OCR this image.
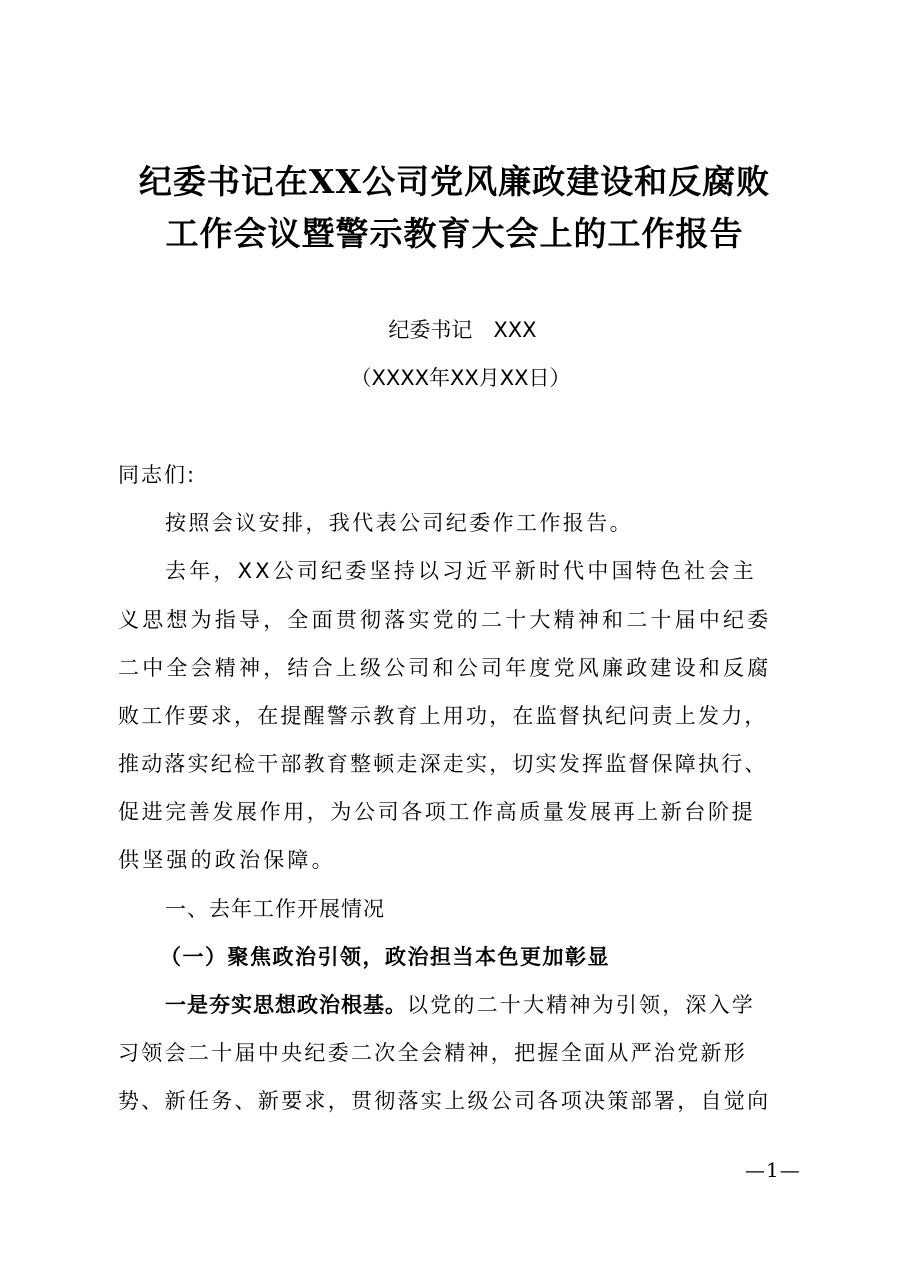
纪委书记在XX公司党风廉政建设和反腐败
工作会议暨警示教育大会上的工作报告
纪委书记　XXX
（XXXX年XX月XX日）
同志们:
按照会议安排，我代表公司纪委作工作报告。
去年，XX公司纪委坚持以习近平新时代中国特色社会主
义思想为指导，全面贯彻落实党的二十大精神和二十届中纪委
二中全会精神，结合上级公司和公司年度党风廉政建设和反腐
败工作要求，在提醒警示教育上用功，在监督执纪问责上发力，
推动落实纪检干部教育整顿走深走实，切实发挥监督保障执行、
促进完善发展作用，为公司各项工作高质量发展再上新台阶提
供坚强的政治保障。
一、去年工作开展情况
（一）聚焦政治引领，政治担当本色更加彰显
一是夯实思想政治根基。以党的二十大精神为引领，深入学
习领会二十届中央纪委二次全会精神，把握全面从严治党新形
势、新任务、新要求，贯彻落实上级公司各项决策部署，自觉向
—1—
